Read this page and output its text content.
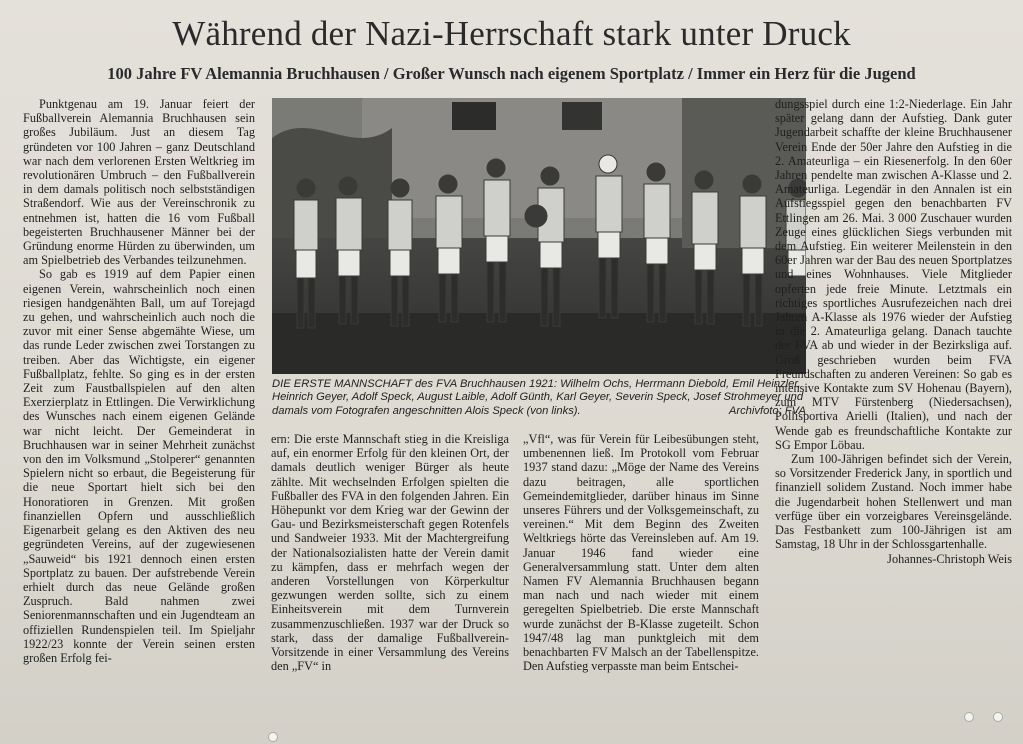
Während der Nazi-Herrschaft stark unter Druck
100 Jahre FV Alemannia Bruchhausen / Großer Wunsch nach eigenem Sportplatz / Immer ein Herz für die Jugend

Punktgenau am 19. Januar feiert der Fußballverein Alemannia Bruchhausen sein großes Jubiläum. Just an diesem Tag gründeten vor 100 Jahren – ganz Deutschland war nach dem verlorenen Ersten Weltkrieg im revolutionären Umbruch – den Fußballverein in dem damals politisch noch selbstständigen Straßendorf. Wie aus der Vereinschronik zu entnehmen ist, hatten die 16 vom Fußball begeisterten Bruchhausener Männer bei der Gründung enorme Hürden zu überwinden, um am Spielbetrieb des Verbandes teilzunehmen.

So gab es 1919 auf dem Papier einen eigenen Verein, wahrscheinlich noch einen riesigen handgenähten Ball, um auf Torejagd zu gehen, und wahrscheinlich auch noch die zuvor mit einer Sense abgemähte Wiese, um das runde Leder zwischen zwei Torstangen zu treiben. Aber das Wichtigste, ein eigener Fußballplatz, fehlte. So ging es in der ersten Zeit zum Faustballspielen auf den alten Exerzierplatz in Ettlingen. Die Verwirklichung des Wunsches nach einem eigenen Gelände war nicht leicht. Der Gemeinderat in Bruchhausen war in seiner Mehrheit zunächst von den im Volksmund „Stolperer“ genannten Spielern nicht so erbaut, die Begeisterung für die neue Sportart hielt sich bei den Honoratioren in Grenzen. Mit großen finanziellen Opfern und ausschließlich Eigenarbeit gelang es den Aktiven des neu gegründeten Vereins, auf der zugewiesenen „Sauweid“ bis 1921 dennoch einen ersten Sportplatz zu bauen. Der aufstrebende Verein erhielt durch das neue Gelände großen Zuspruch. Bald nahmen zwei Seniorenmannschaften und ein Jugendteam an offiziellen Rundenspielen teil. Im Spieljahr 1922/23 konnte der Verein seinen ersten großen Erfolg fei-

DIE ERSTE MANNSCHAFT des FVA Bruchhausen 1921: Wilhelm Ochs, Herrmann Diebold, Emil Heinzler, Heinrich Geyer, Adolf Speck, August Laible, Adolf Günth, Karl Geyer, Severin Speck, Josef Strohmeyer und damals vom Fotografen angeschnitten Alois Speck (von links).	Archivfoto: FVA

ern: Die erste Mannschaft stieg in die Kreisliga auf, ein enormer Erfolg für den kleinen Ort, der damals deutlich weniger Bürger als heute zählte. Mit wechselnden Erfolgen spielten die Fußballer des FVA in den folgenden Jahren. Ein Höhepunkt vor dem Krieg war der Gewinn der Gau- und Bezirksmeisterschaft gegen Rotenfels und Sandweier 1933. Mit der Machtergreifung der Nationalsozialisten hatte der Verein damit zu kämpfen, dass er mehrfach wegen der anderen Vorstellungen von Körperkultur gezwungen werden sollte, sich zu einem Einheitsverein mit dem Turnverein zusammenzuschließen. 1937 war der Druck so stark, dass der damalige Fußballverein-Vorsitzende in einer Versammlung des Vereins den „FV“ in

„Vfl“, was für Verein für Leibesübungen steht, umbenennen ließ. Im Protokoll vom Februar 1937 stand dazu: „Möge der Name des Vereins dazu beitragen, alle sportlichen Gemeindemitglieder, darüber hinaus im Sinne unseres Führers und der Volksgemeinschaft, zu vereinen.“ Mit dem Beginn des Zweiten Weltkriegs hörte das Vereinsleben auf. Am 19. Januar 1946 fand wieder eine Generalversammlung statt. Unter dem alten Namen FV Alemannia Bruchhausen begann man nach und nach wieder mit einem geregelten Spielbetrieb. Die erste Mannschaft wurde zunächst der B-Klasse zugeteilt. Schon 1947/48 lag man punktgleich mit dem benachbarten FV Malsch an der Tabellenspitze. Den Aufstieg verpasste man beim Entschei-

dungsspiel durch eine 1:2-Niederlage. Ein Jahr später gelang dann der Aufstieg. Dank guter Jugendarbeit schaffte der kleine Bruchhausener Verein Ende der 50er Jahre den Aufstieg in die 2. Amateurliga – ein Riesenerfolg. In den 60er Jahren pendelte man zwischen A-Klasse und 2. Amateurliga. Legendär in den Annalen ist ein Aufstiegsspiel gegen den benachbarten FV Ettlingen am 26. Mai. 3 000 Zuschauer wurden Zeuge eines glücklichen Siegs verbunden mit dem Aufstieg. Ein weiterer Meilenstein in den 60er Jahren war der Bau des neuen Sportplatzes und eines Wohnhauses. Viele Mitglieder opferten jede freie Minute. Letztmals ein richtiges sportliches Ausrufezeichen nach drei Jahren A-Klasse als 1976 wieder der Aufstieg in die 2. Amateurliga gelang. Danach tauchte der FVA ab und wieder in der Bezirksliga auf. Groß geschrieben wurden beim FVA Freundschaften zu anderen Vereinen: So gab es intensive Kontakte zum SV Hohenau (Bayern), zum MTV Fürstenberg (Niedersachsen), Pollisportiva Arielli (Italien), und nach der Wende gab es freundschaftliche Kontakte zur SG Empor Löbau.

Zum 100-Jährigen befindet sich der Verein, so Vorsitzender Frederick Jany, in sportlich und finanziell solidem Zustand. Noch immer habe die Jugendarbeit hohen Stellenwert und man verfüge über ein vorzeigbares Vereinsgelände. Das Festbankett zum 100-Jährigen ist am Samstag, 18 Uhr in der Schlossgartenhalle.

Johannes-Christoph Weis
